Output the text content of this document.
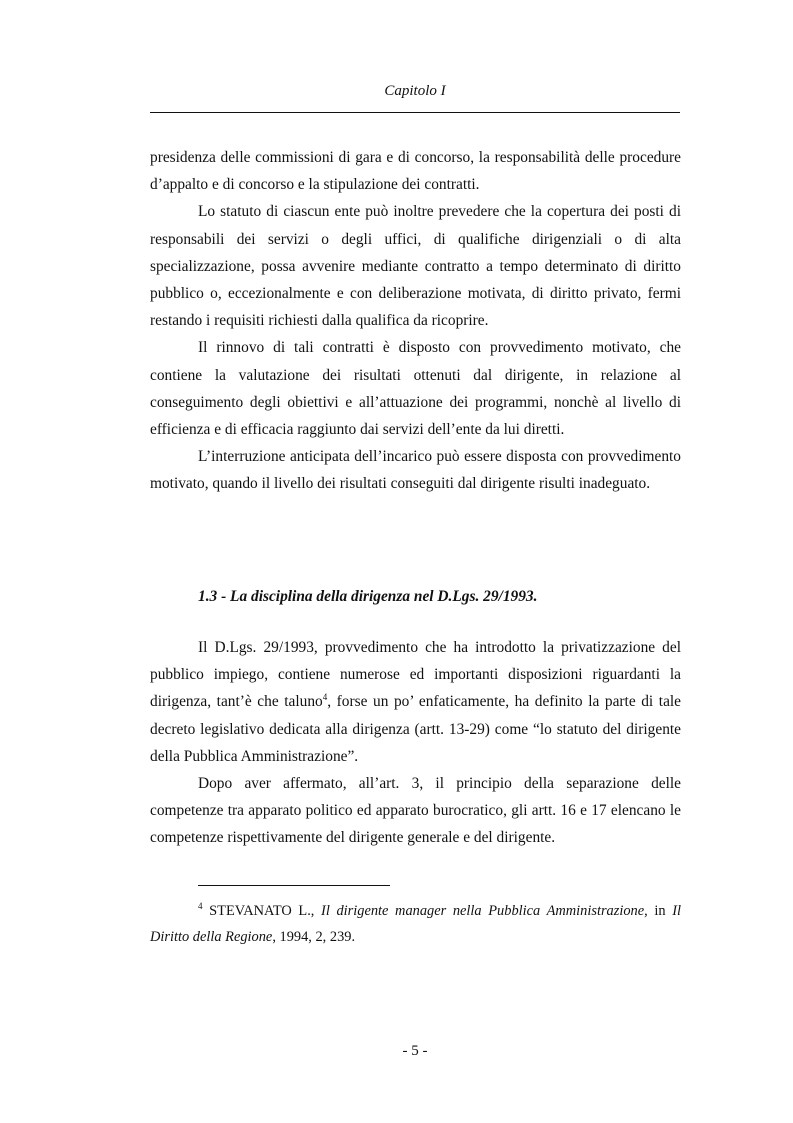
Capitolo I

presidenza delle commissioni di gara e di concorso, la responsabilità delle procedure d’appalto e di concorso e la stipulazione dei contratti.

Lo statuto di ciascun ente può inoltre prevedere che la copertura dei posti di responsabili dei servizi o degli uffici, di qualifiche dirigenziali o di alta specializzazione, possa avvenire mediante contratto a tempo determinato di diritto pubblico o, eccezionalmente e con deliberazione motivata, di diritto privato, fermi restando i requisiti richiesti dalla qualifica da ricoprire.

Il rinnovo di tali contratti è disposto con provvedimento motivato, che contiene la valutazione dei risultati ottenuti dal dirigente, in relazione al conseguimento degli obiettivi e all’attuazione dei programmi, nonchè al livello di efficienza e di efficacia raggiunto dai servizi dell’ente da lui diretti.

L’interruzione anticipata dell’incarico può essere disposta con provvedimento motivato, quando il livello dei risultati conseguiti dal dirigente risulti inadeguato.

1.3 - La disciplina della dirigenza nel D.Lgs. 29/1993.

Il D.Lgs. 29/1993, provvedimento che ha introdotto la privatizzazione del pubblico impiego, contiene numerose ed importanti disposizioni riguardanti la dirigenza, tant’è che taluno$^4$, forse un po’ enfaticamente, ha definito la parte di tale decreto legislativo dedicata alla dirigenza (artt. 13-29) come “lo statuto del dirigente della Pubblica Amministrazione”.

Dopo aver affermato, all’art. 3, il principio della separazione delle competenze tra apparato politico ed apparato burocratico, gli artt. 16 e 17 elencano le competenze rispettivamente del dirigente generale e del dirigente.

$^4$ STEVANATO L., Il dirigente manager nella Pubblica Amministrazione, in Il Diritto della Regione, 1994, 2, 239.
- 5 -
